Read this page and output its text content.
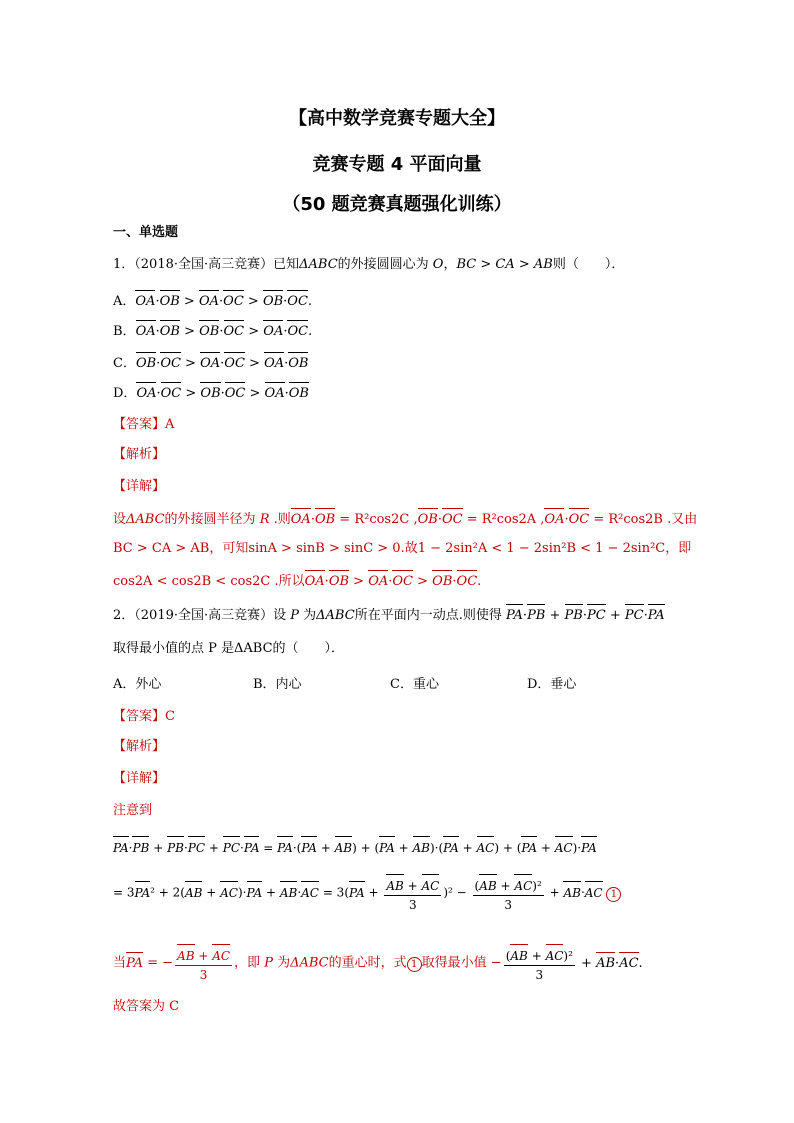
【高中数学竞赛专题大全】
竞赛专题 4 平面向量
（50 题竞赛真题强化训练）
一、单选题
1．（2018·全国·高三竞赛）已知ΔABC的外接圆圆心为 O，BC > CA > AB则（　　）．
A．OA·OB > OA·OC > OB·OC.
B．OA·OB > OB·OC > OA·OC.
C．OB·OC > OA·OC > OA·OB
D．OA·OC > OB·OC > OA·OB
【答案】A
【解析】
【详解】
设ΔABC的外接圆半径为 R .则OA·OB = R²cos2C ,OB·OC = R²cos2A ,OA·OC = R²cos2B .又由
BC > CA > AB，可知sinA > sinB > sinC > 0.故1 − 2sin²A < 1 − 2sin²B < 1 − 2sin²C，即
cos2A < cos2B < cos2C .所以OA·OB > OA·OC > OB·OC.
2．（2019·全国·高三竞赛）设 P 为ΔABC所在平面内一动点.则使得 PA·PB + PB·PC + PC·PA
取得最小值的点 P 是ΔABC的（　　）．
A．外心	B．内心	C．重心	D．垂心
【答案】C
【解析】
【详解】
注意到
PA·PB + PB·PC + PC·PA = PA·(PA + AB) + (PA + AB)·(PA + AC) + (PA + AC)·PA
= $3PA^2 + 2(AB + AC)\cdot PA + AB\cdot AC = 3(PA + \frac{AB + AC}{3} )^2 - \frac{\text{(AB + AC)²}}{3} + AB\cdot AC$ 1
当PA = − $\frac{AB + AC}{3}$ ，即 P 为ΔABC的重心时，式 1 取得最小值 − $\frac{\text{(AB + AC)²}}{3} + AB\cdot AC$.
故答案为 C
